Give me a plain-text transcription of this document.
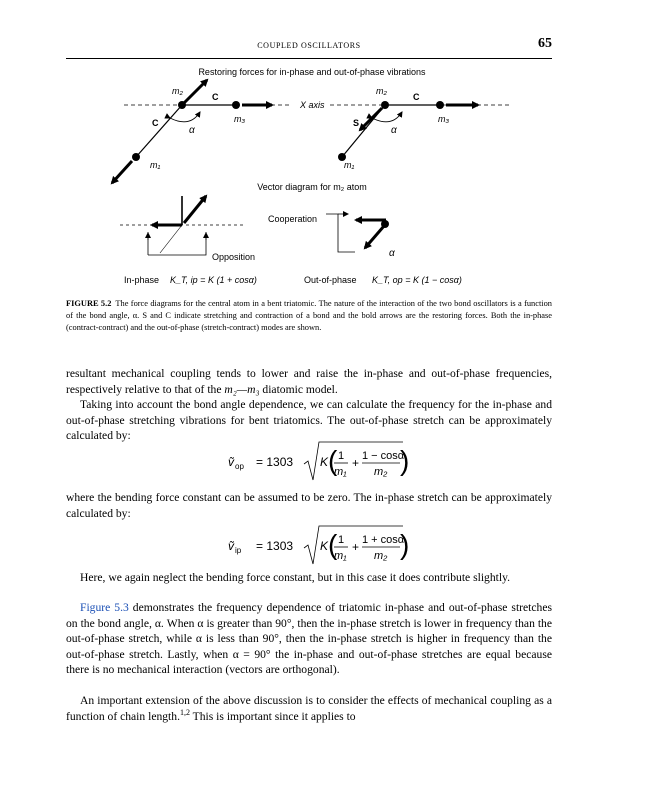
COUPLED OSCILLATORS	65
Restoring forces for in-phase and out-of-phase vibrations
X axis
m₂
C
C	m₃
α
m₁
m₂
C
S	m₃
α
m₁
Vector diagram for m₂ atom
Opposition
Cooperation
α
In-phase K_T, ip = K (1 + cosα)	Out-of-phase K_T, op = K (1 − cosα)
FIGURE 5.2 The force diagrams for the central atom in a bent triatomic. The nature of the interaction of the two bond oscillators is a function of the bond angle, α. S and C indicate stretching and contraction of a bond and the bold arrows are the restoring forces. Both the in-phase (contract-contract) and the out-of-phase (stretch-contract) modes are shown.
resultant mechanical coupling tends to lower and raise the in-phase and out-of-phase frequencies, respectively relative to that of the m₂—m₃ diatomic model.
Taking into account the bond angle dependence, we can calculate the frequency for the in-phase and out-of-phase stretching vibrations for bent triatomics. The out-of-phase stretch can be approximately calculated by:
ṽ op = 1303 K ( 1
m₁
+ 1 − cosα
m₂ )
where the bending force constant can be assumed to be zero. The in-phase stretch can be approximately calculated by:
ṽ ip = 1303 K ( 1
m₁
+ 1 + cosα
m₂ )
Here, we again neglect the bending force constant, but in this case it does contribute slightly.
Figure 5.3 demonstrates the frequency dependence of triatomic in-phase and out-of-phase stretches on the bond angle, α. When α is greater than 90°, then the in-phase stretch is lower in frequency than the out-of-phase stretch, while α is less than 90°, then the in-phase stretch is higher in frequency than the out-of-phase stretch. Lastly, when α = 90° the in-phase and out-of-phase stretches are equal because there is no mechanical interaction (vectors are orthogonal).
An important extension of the above discussion is to consider the effects of mechanical coupling as a function of chain length.$^{1,2}$ This is important since it applies to
